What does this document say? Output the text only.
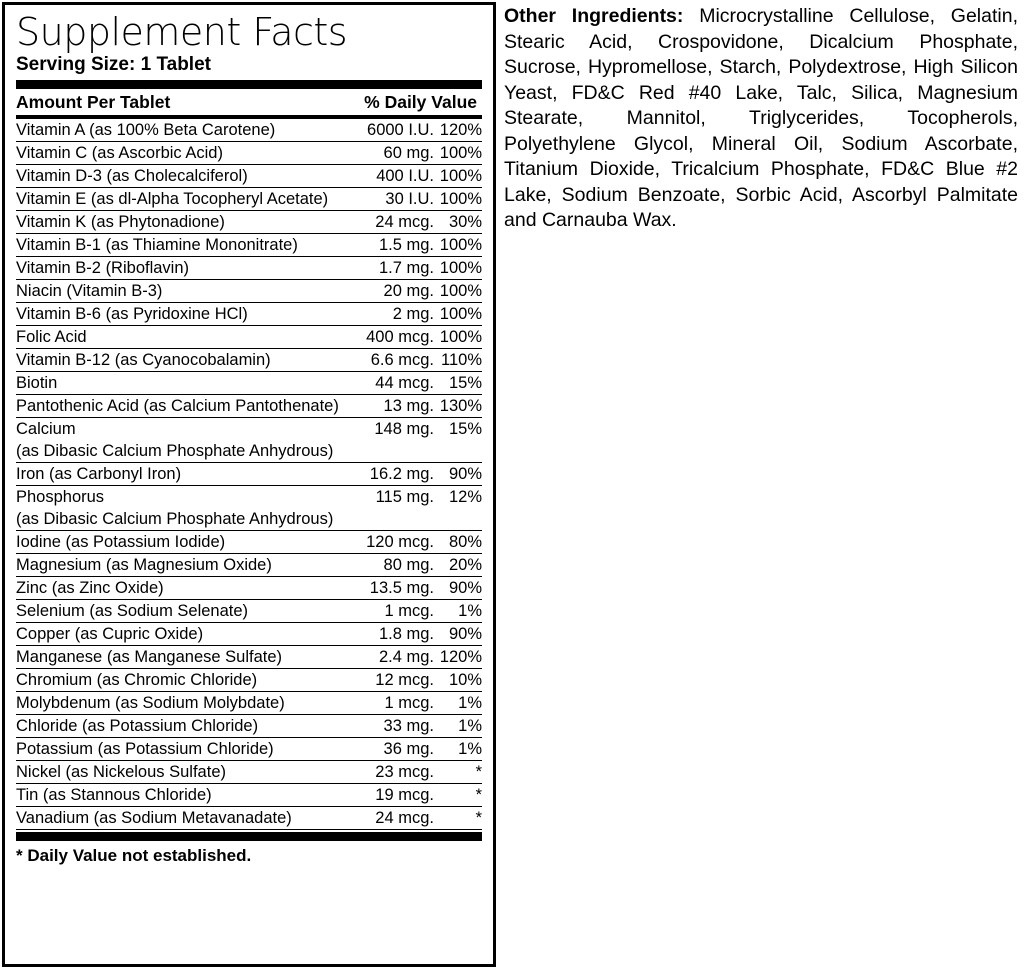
Supplement Facts
Serving Size: 1 Tablet
Amount Per Tablet	% Daily Value
Vitamin A (as 100% Beta Carotene)	6000 I.U.	120%
Vitamin C (as Ascorbic Acid)	60 mg.	100%
Vitamin D-3 (as Cholecalciferol)	400 I.U.	100%
Vitamin E (as dl-Alpha Tocopheryl Acetate)	30 I.U.	100%
Vitamin K (as Phytonadione)	24 mcg.	30%
Vitamin B-1 (as Thiamine Mononitrate)	1.5 mg.	100%
Vitamin B-2 (Riboflavin)	1.7 mg.	100%
Niacin (Vitamin B-3)	20 mg.	100%
Vitamin B-6 (as Pyridoxine HCl)	2 mg.	100%
Folic Acid	400 mcg.	100%
Vitamin B-12 (as Cyanocobalamin)	6.6 mcg.	110%
Biotin	44 mcg.	15%
Pantothenic Acid (as Calcium Pantothenate)	13 mg.	130%
Calcium	148 mg.	15%
(as Dibasic Calcium Phosphate Anhydrous)		
Iron (as Carbonyl Iron)	16.2 mg.	90%
Phosphorus	115 mg.	12%
(as Dibasic Calcium Phosphate Anhydrous)		
Iodine (as Potassium Iodide)	120 mcg.	80%
Magnesium (as Magnesium Oxide)	80 mg.	20%
Zinc (as Zinc Oxide)	13.5 mg.	90%
Selenium (as Sodium Selenate)	1 mcg.	1%
Copper (as Cupric Oxide)	1.8 mg.	90%
Manganese (as Manganese Sulfate)	2.4 mg.	120%
Chromium (as Chromic Chloride)	12 mcg.	10%
Molybdenum (as Sodium Molybdate)	1 mcg.	1%
Chloride (as Potassium Chloride)	33 mg.	1%
Potassium (as Potassium Chloride)	36 mg.	1%
Nickel (as Nickelous Sulfate)	23 mcg.	*
Tin (as Stannous Chloride)	19 mcg.	*
Vanadium (as Sodium Metavanadate)	24 mcg.	*
* Daily Value not established.

Other Ingredients: Microcrystalline Cellulose, Gelatin, Stearic Acid, Crospovidone, Dicalcium Phosphate, Sucrose, Hypromellose, Starch, Polydextrose, High Silicon Yeast, FD&C Red #40 Lake, Talc, Silica, Magnesium Stearate, Mannitol, Triglycerides, Tocopherols, Polyethylene Glycol, Mineral Oil, Sodium Ascorbate, Titanium Dioxide, Tricalcium Phosphate, FD&C Blue #2 Lake, Sodium Benzoate, Sorbic Acid, Ascorbyl Palmitate and Carnauba Wax.
